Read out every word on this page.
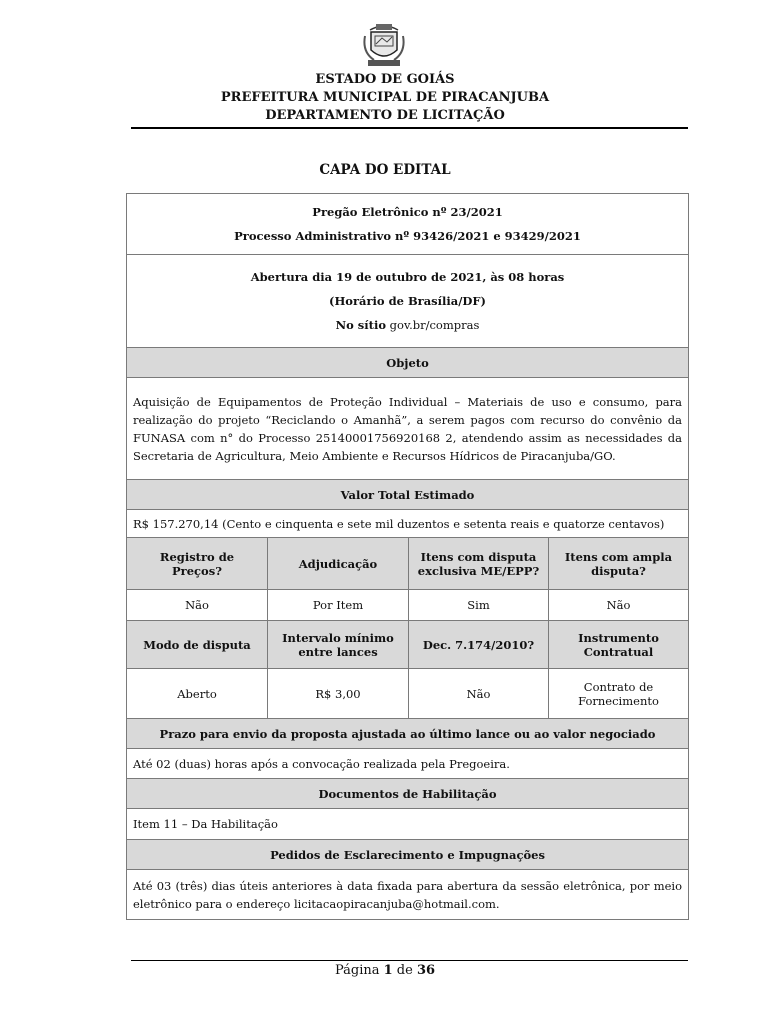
ESTADO DE GOIÁS
PREFEITURA MUNICIPAL DE PIRACANJUBA
DEPARTAMENTO DE LICITAÇÃO
CAPA DO EDITAL
Pregão Eletrônico nº 23/2021
Processo Administrativo nº 93426/2021 e 93429/2021			

Abertura dia 19 de outubro de 2021, às 08 horas
(Horário de Brasília/DF)
No sítio gov.br/compras			

Objeto			
Aquisição de Equipamentos de Proteção Individual – Materiais de uso e consumo, para realização do projeto “Reciclando o Amanhã”, a serem pagos com recurso do convênio da FUNASA com n° do Processo 25140001756920168 2, atendendo assim as necessidades da Secretaria de Agricultura, Meio Ambiente e Recursos Hídricos de Piracanjuba/GO.			
Valor Total Estimado			
R$ 157.270,14 (Cento e cinquenta e sete mil duzentos e setenta reais e quatorze centavos)			
Registro de Preços?	Adjudicação	Itens com disputa exclusiva ME/EPP?	Itens com ampla disputa?
Não	Por Item	Sim	Não
Modo de disputa	Intervalo mínimo entre lances	Dec. 7.174/2010?	Instrumento Contratual
Aberto	R$ 3,00	Não	Contrato de Fornecimento
Prazo para envio da proposta ajustada ao último lance ou ao valor negociado			
Até 02 (duas) horas após a convocação realizada pela Pregoeira.			
Documentos de Habilitação			
Item 11 – Da Habilitação			
Pedidos de Esclarecimento e Impugnações			
Até 03 (três) dias úteis anteriores à data fixada para abertura da sessão eletrônica, por meio eletrônico para o endereço licitacaopiracanjuba@hotmail.com.			
Página 1 de 36
